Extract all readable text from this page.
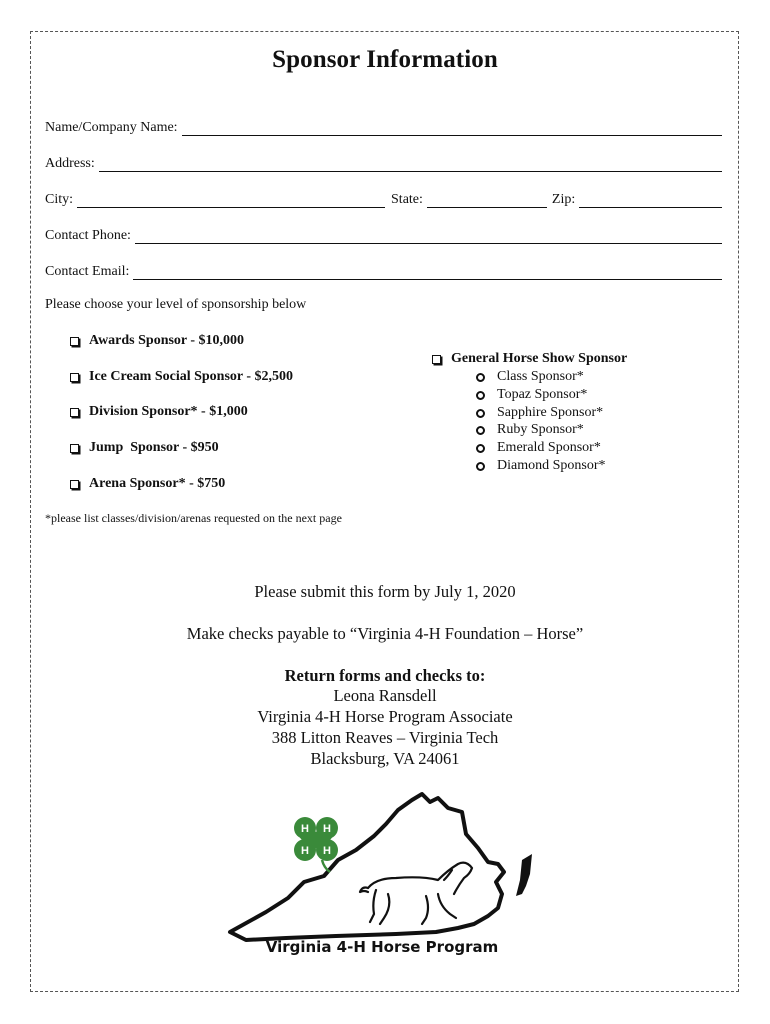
Sponsor Information
Name/Company Name:
Address:
City:	State:	Zip:
Contact Phone:
Contact Email:
Please choose your level of sponsorship below
Awards Sponsor - $10,000
Ice Cream Social Sponsor - $2,500
Division Sponsor* - $1,000
Jump  Sponsor - $950
Arena Sponsor* - $750
General Horse Show Sponsor
Class Sponsor*
Topaz Sponsor*
Sapphire Sponsor*
Ruby Sponsor*
Emerald Sponsor*
Diamond Sponsor*
*please list classes/division/arenas requested on the next page
Please submit this form by July 1, 2020
Make checks payable to “Virginia 4-H Foundation – Horse”
Return forms and checks to:
Leona Ransdell
Virginia 4-H Horse Program Associate
388 Litton Reaves – Virginia Tech
Blacksburg, VA 24061
H H
H H
Virginia 4-H Horse Program
